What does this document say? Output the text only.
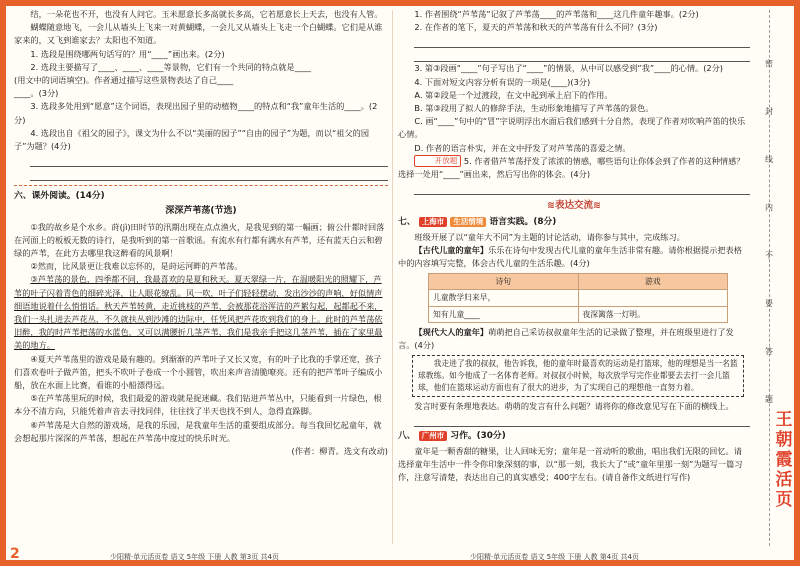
结，一朵花也不开，也没有人问它。玉米愿意长多高就长多高，它若愿意长上天去，也没有人管。

蝴蝶随意地飞，一会儿从墙头上飞来一对黄蝴蝶，一会儿又从墙头上飞走一个白蝴蝶。它们是从谁家来的，又飞到谁家去？太阳也不知道。

1. 选段是围绕哪两句话写的？用“____”画出来。(2分)

2. 选段主要描写了____、____、____等景物，它们有一个共同的特点就是____

(用文中的词语填空)。作者通过描写这些景物表达了自己____

____。(3分)

3. 选段多处用到“愿意”这个词语，表现出园子里的动植物____的特点和“我”童年生活的____。(2分)

4. 选段出自《祖父的园子》，课文为什么不以“美丽的园子”“自由的园子”为题，而以“祖父的园子”为题？(4分)

六、课外阅读。(14分)
深深芦苇荡(节选)

①我的故乡是个水乡。莳(jì)田时节的汛期出现在点点渔火，是我见到的第一幅画；俯公什都时回落在河面上的板板无数的诗行，是我听到的第一首歌谣。有流水有行都有满水有芦苇，还有蓝天白云和碧绿的芦苇，在此方去哪里我这醉看的风景啊！

②然而，比风景更让我难以忘怀的，是莳运河畔的芦苇荡。

③芦苇荡的景色，四季都不同，我最喜欢的是夏和秋天。夏天翠绿一片，在温暖阳光的照耀下，芦苇的叶子闪着青色的细碎光泽，让人眼花缭乱。风一吹，叶子们轻轻摆动，发出沙沙的声响，好似情声细语地说着什么悄悄话。秋天芦苇转黄，走近挑枝的芦苇，会被那花浴浑洁的芦絮勾起，起都起不来，我们一头扎进去芦花丛，不久就扶丛到沙滩的边际中，任凭风把芦花吹到我们的身上。此时的芦苇荡依旧醉，我的时芦苇把荡的水蓝色，又可以满腰折几茎芦苇，我们是我亲手把这几茎芦苇，插在了家里最美的地方。

④夏天芦苇荡里的游戏是最有趣的。到渐渐的芦苇叶子又长又宽，有的叶子比我的手掌还宽，孩子们喜欢卷叶子做芦笛，把头不吹叶子卷成一个小圆管，吹出来声音清脆嘹亮。还有的把芦苇叶子编成小船，放在水面上比赛，看谁的小船漂得远。

⑤在芦苇荡里玩的时候，我们最爱的游戏就是捉迷藏。我们钻进芦苇丛中，只能看到一片绿色，根本分不清方向，只能凭着声音去寻找同伴，往往找了半天也找不到人，急得直跺脚。

⑥芦苇荡是大自然的游戏场，是我的乐园，是我童年生活的重要组成部分。每当我回忆起童年，就会想起那片深深的芦苇荡，想起在芦苇荡中度过的快乐时光。

(作者：柳青。选文有改动)

1. 作者围绕“芦苇荡”记叙了芦苇荡____的芦苇荡和____这几件童年趣事。(2分)

2. 在作者的笔下，夏天的芦苇荡和秋天的芦苇荡有什么不同？(3分)

3. 第③段画“____”句子写出了“____”的情景，从中可以感受到“我”____的心情。(2分)

4. 下面对短文内容分析有误的一项是(____)(3分)

A. 第②段是一个过渡段，在文中起到承上启下的作用。

B. 第③段用了拟人的修辞手法，生动形象地描写了芦苇荡的景色。

C. 画“____”句中的“冒”字说明浮出水面后我们感到十分自然，表现了作者对吹响芦笛的快乐心情。

D. 作者的语言朴实，并在文中抒发了对芦苇荡的喜爱之情。

开放题 5. 作者借芦苇荡抒发了浓浓的情感，哪些语句让你体会到了作者的这种情感？选择一处用“____”画出来，然后写出你的体会。(4分)

≋表达交流≋
七、 上海市 生活情境 语言实践。(8分)

班级开展了以“童年大不同”为主题的讨论活动，请你参与其中，完成练习。

【古代儿童的童年】乐乐在诗句中发现古代儿童的童年生活非常有趣。请你根据提示把表格中的内容填写完整，体会古代儿童的生活乐趣。(4分)

诗句	游戏
儿童散学归来早，	
知有儿童____	夜深篱落一灯明。

【现代大人的童年】萌萌把自己采访叔叔童年生活的记录做了整理，并在班级里进行了发言。(4分)

我走进了我的叔叔，他告诉我，他的童年时最喜欢的运动是打篮球，他的理想是当一名篮球教练。如今他成了一名体育老师。对叔叔小时候，每次放学写完作业都要去去打一会儿篮球，他们在篮球运动方面也有了很大的进步，为了实现自己的理想他一直努力着。

发言时要有条理地表达。萌萌的发言有什么问题？请将你的修改意见写在下面的横线上。

八、 广州市 习作。(30分)

童年是一颗香甜的糖果，让人回味无穷；童年是一首动听的歌曲，唱出我们无限的回忆。请选择童年生活中一件令你印象深刻的事，以“那一刻，我长大了”或“童年里那一刻”为题写一篇习作，注意写清楚，表达出自己的真实感受；400字左右。(请自备作文纸进行写作)

2	少阳精·单元活页卷 语文 5年级 下册 人教 第3页 共4页	少阳精·单元活页卷 语文 5年级 下册 人教 第4页 共4页
密
封
线
内
不
要
答
题
王朝霞活页
